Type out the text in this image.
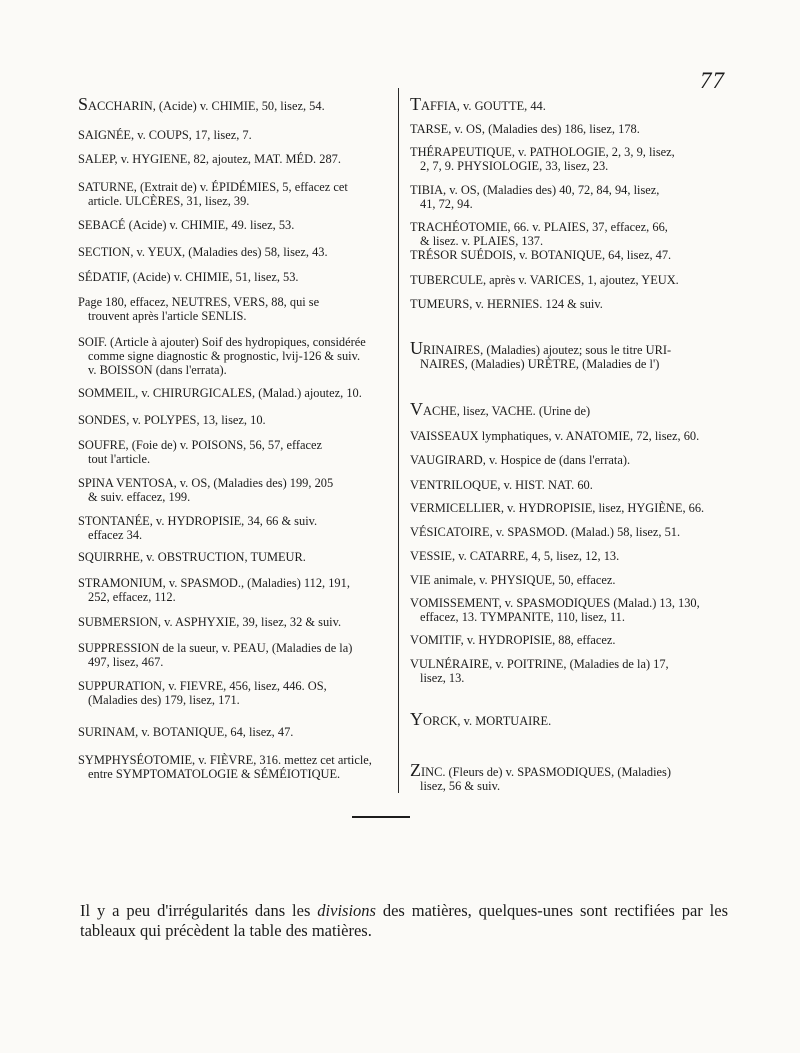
77
SACCHARIN, (Acide) v. CHIMIE, 50, lisez, 54.
SAIGNÉE, v. COUPS, 17, lisez, 7.
SALEP, v. HYGIENE, 82, ajoutez, MAT. MÉD. 287.
SATURNE, (Extrait de) v. ÉPIDÉMIES, 5, effacez cet
article. ULCÈRES, 31, lisez, 39.
SEBACÉ (Acide) v. CHIMIE, 49. lisez, 53.
SECTION, v. YEUX, (Maladies des) 58, lisez, 43.
SÉDATIF, (Acide) v. CHIMIE, 51, lisez, 53.
Page 180, effacez, NEUTRES, VERS, 88, qui se
trouvent après l'article SENLIS.
SOIF. (Article à ajouter) Soif des hydropiques, considérée
comme signe diagnostic & prognostic, lvij-126 & suiv.
v. BOISSON (dans l'errata).
SOMMEIL, v. CHIRURGICALES, (Malad.) ajoutez, 10.
SONDES, v. POLYPES, 13, lisez, 10.
SOUFRE, (Foie de) v. POISONS, 56, 57, effacez
tout l'article.
SPINA VENTOSA, v. OS, (Maladies des) 199, 205
& suiv. effacez, 199.
STONTANÉE, v. HYDROPISIE, 34, 66 & suiv.
effacez 34.
SQUIRRHE, v. OBSTRUCTION, TUMEUR.
STRAMONIUM, v. SPASMOD., (Maladies) 112, 191,
252, effacez, 112.
SUBMERSION, v. ASPHYXIE, 39, lisez, 32 & suiv.
SUPPRESSION de la sueur, v. PEAU, (Maladies de la)
497, lisez, 467.
SUPPURATION, v. FIEVRE, 456, lisez, 446. OS,
(Maladies des) 179, lisez, 171.
SURINAM, v. BOTANIQUE, 64, lisez, 47.
SYMPHYSÉOTOMIE, v. FIÈVRE, 316. mettez cet article,
entre SYMPTOMATOLOGIE & SÉMÉIOTIQUE.
TAFFIA, v. GOUTTE, 44.
TARSE, v. OS, (Maladies des) 186, lisez, 178.
THÉRAPEUTIQUE, v. PATHOLOGIE, 2, 3, 9, lisez,
2, 7, 9. PHYSIOLOGIE, 33, lisez, 23.
TIBIA, v. OS, (Maladies des) 40, 72, 84, 94, lisez,
41, 72, 94.
TRACHÉOTOMIE, 66. v. PLAIES, 37, effacez, 66,
& lisez. v. PLAIES, 137.
TRÉSOR SUÉDOIS, v. BOTANIQUE, 64, lisez, 47.
TUBERCULE, après v. VARICES, 1, ajoutez, YEUX.
TUMEURS, v. HERNIES. 124 & suiv.
URINAIRES, (Maladies) ajoutez; sous le titre URI-
NAIRES, (Maladies) URÈTRE, (Maladies de l')
VACHE, lisez, VACHE. (Urine de)
VAISSEAUX lymphatiques, v. ANATOMIE, 72, lisez, 60.
VAUGIRARD, v. Hospice de (dans l'errata).
VENTRILOQUE, v. HIST. NAT. 60.
VERMICELLIER, v. HYDROPISIE, lisez, HYGIÈNE, 66.
VÉSICATOIRE, v. SPASMOD. (Malad.) 58, lisez, 51.
VESSIE, v. CATARRE, 4, 5, lisez, 12, 13.
VIE animale, v. PHYSIQUE, 50, effacez.
VOMISSEMENT, v. SPASMODIQUES (Malad.) 13, 130,
effacez, 13. TYMPANITE, 110, lisez, 11.
VOMITIF, v. HYDROPISIE, 88, effacez.
VULNÉRAIRE, v. POITRINE, (Maladies de la) 17,
lisez, 13.
YORCK, v. MORTUAIRE.
ZINC. (Fleurs de) v. SPASMODIQUES, (Maladies)
lisez, 56 & suiv.

Il y a peu d'irrégularités dans les divisions des matières, quelques-unes sont rectifiées par les tableaux qui précèdent la table des matières.
